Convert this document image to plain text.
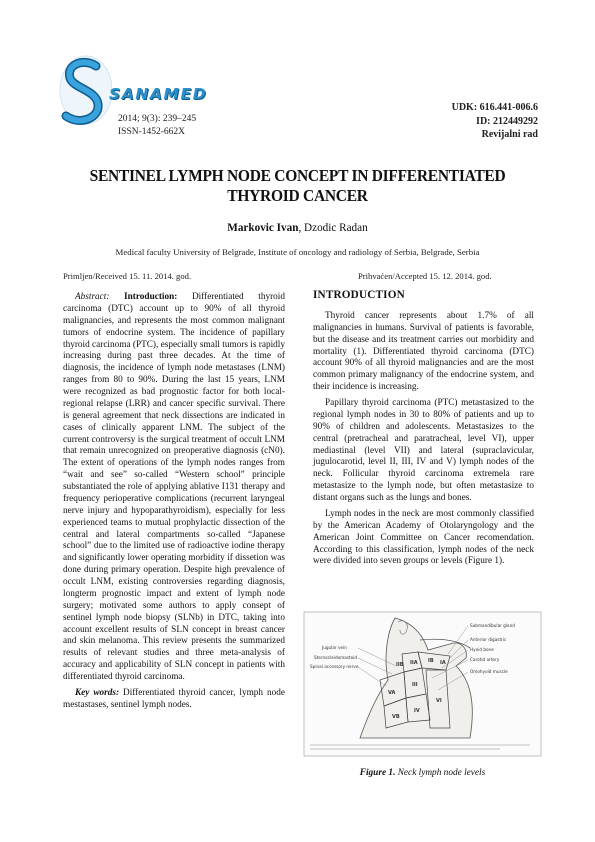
SANAMED
2014; 9(3): 239–245
ISSN-1452-662X
UDK: 616.441-006.6
ID: 212449292
Revijalni rad
SENTINEL LYMPH NODE CONCEPT IN DIFFERENTIATED
THYROID CANCER
Markovic Ivan, Dzodic Radan
Medical faculty University of Belgrade, Institute of oncology and radiology of Serbia, Belgrade, Serbia
Primljen/Received 15. 11. 2014. god.	Prihvaćen/Accepted 15. 12. 2014. god.

Abstract: Introduction: Differentiated thyroid carcinoma (DTC) account up to 90% of all thyroid malignancies, and represents the most common malignant tumors of endocrine system. The incidence of papillary thyroid carcinoma (PTC), especially small tumors is rapidly increasing during past three decades. At the time of diagnosis, the incidence of lymph node metastases (LNM) ranges from 80 to 90%. During the last 15 years, LNM were recognized as bad prognostic factor for both local-regional relapse (LRR) and cancer specific survival. There is general agreement that neck dissections are indicated in cases of clinically apparent LNM. The subject of the current controversy is the surgical treatment of occult LNM that remain unrecognized on preoperative diagnosis (cN0). The extent of operations of the lymph nodes ranges from “wait and see” so-called “Western school” principle substantiated the role of applying ablative I131 therapy and frequency perioperative complications (recurrent laryngeal nerve injury and hypoparathyroidism), especially for less experienced teams to mutual prophylactic dissection of the central and lateral compartments so-called “Japanese school” due to the limited use of radioactive iodine therapy and significantly lower operating morbidity if dissetion was done during primary operation. Despite high prevalence of occult LNM, existing controversies regarding diagnosis, longterm prognostic impact and extent of lymph node surgery; motivated some authors to apply consept of sentinel lymph node biopsy (SLNb) in DTC, taking into account excellent results of SLN concept in breast cancer and skin melanoma. This review presents the summarized results of relevant studies and three meta-analysis of accuracy and applicability of SLN concept in patients with differentiated thyroid carcinoma.

Key words: Differentiated thyroid cancer, lymph node mestastases, sentinel lymph nodes.

INTRODUCTION

Thyroid cancer represents about 1.7% of all malignancies in humans. Survival of patients is favorable, but the disease and its treatment carries out morbidity and mortality (1). Differentiated thyroid carcinoma (DTC) account 90% of all thyroid malignancies and are the most common primary malignancy of the endocrine system, and their incidence is increasing.

Papillary thyroid carcinoma (PTC) metastasized to the regional lymph nodes in 30 to 80% of patients and up to 90% of children and adolescents. Metastasizes to the central (pretracheal and paratracheal, level VI), upper mediastinal (level VII) and lateral (supraclavicular, jugulocarotid, level II, III, IV and V) lymph nodes of the neck. Follicular thyroid carcinoma extremela rare metastasize to the lymph node, but often metastasize to distant organs such as the lungs and bones.

Lymph nodes in the neck are most commonly classified by the American Academy of Otolaryngology and the American Joint Committee on Cancer recomendation. According to this classification, lymph nodes of the neck were divided into seven groups or levels (Figure 1).

IA
IB
IIA
IIB
III
IV
VA
VB
VI
Jugular vein
Sternocleidomastoid
Spinal accessory nerve
Submandibular gland
Anterior digastric
Hyoid bone
Carotid artery
Omohyoid muscle
Figure 1. Neck lymph node levels
